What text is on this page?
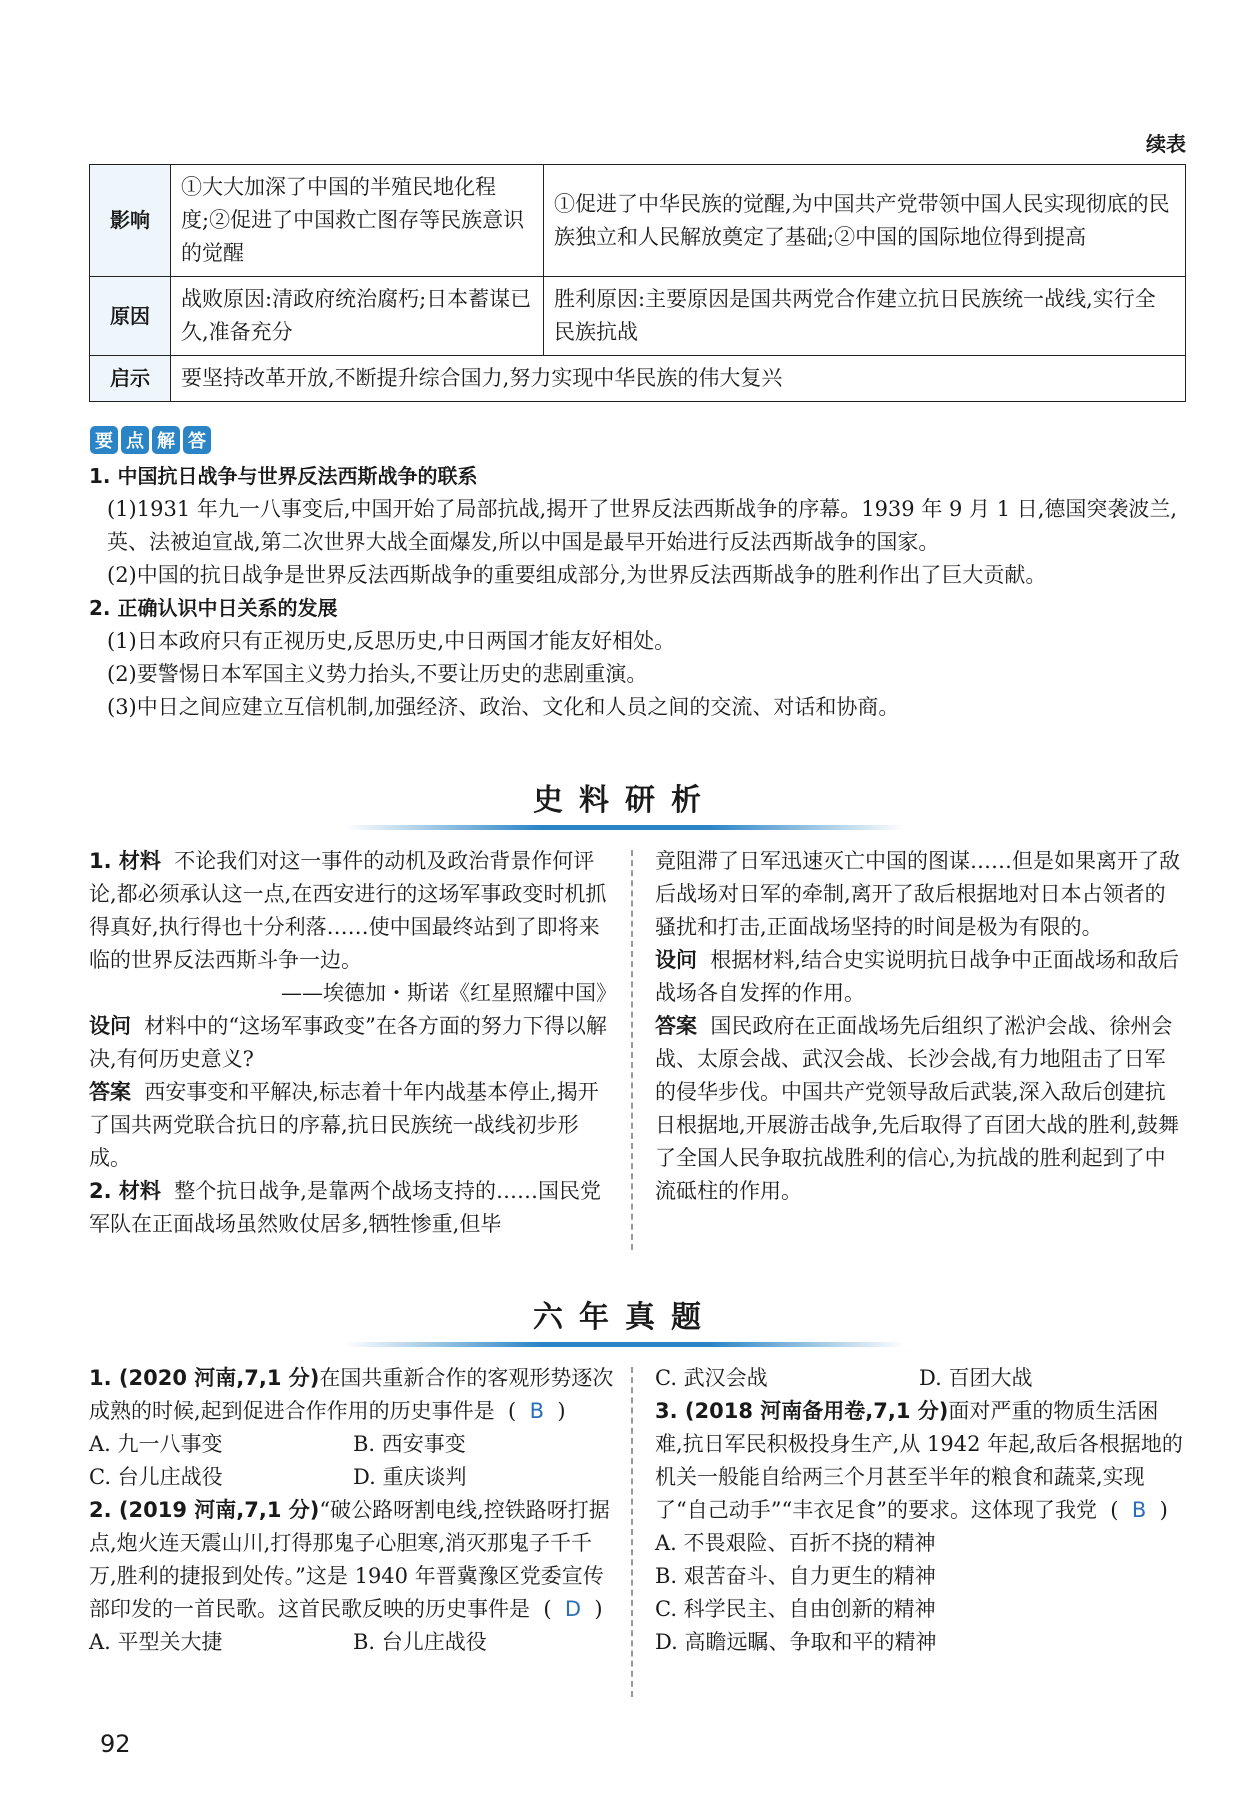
续表
影响	①大大加深了中国的半殖民地化程度;②促进了中国救亡图存等民族意识的觉醒	①促进了中华民族的觉醒,为中国共产党带领中国人民实现彻底的民族独立和人民解放奠定了基础;②中国的国际地位得到提高
原因	战败原因:清政府统治腐朽;日本蓄谋已久,准备充分	胜利原因:主要原因是国共两党合作建立抗日民族统一战线,实行全民族抗战
启示	要坚持改革开放,不断提升综合国力,努力实现中华民族的伟大复兴	
要 点 解 答

1. 中国抗日战争与世界反法西斯战争的联系

(1)1931 年九一八事变后,中国开始了局部抗战,揭开了世界反法西斯战争的序幕。1939 年 9 月 1 日,德国突袭波兰,英、法被迫宣战,第二次世界大战全面爆发,所以中国是最早开始进行反法西斯战争的国家。

(2)中国的抗日战争是世界反法西斯战争的重要组成部分,为世界反法西斯战争的胜利作出了巨大贡献。

2. 正确认识中日关系的发展

(1)日本政府只有正视历史,反思历史,中日两国才能友好相处。

(2)要警惕日本军国主义势力抬头,不要让历史的悲剧重演。

(3)中日之间应建立互信机制,加强经济、政治、文化和人员之间的交流、对话和协商。

史料研析

1. 材料 不论我们对这一事件的动机及政治背景作何评论,都必须承认这一点,在西安进行的这场军事政变时机抓得真好,执行得也十分利落……使中国最终站到了即将来临的世界反法西斯斗争一边。

——埃德加・斯诺《红星照耀中国》

设问 材料中的“这场军事政变”在各方面的努力下得以解决,有何历史意义?

答案 西安事变和平解决,标志着十年内战基本停止,揭开了国共两党联合抗日的序幕,抗日民族统一战线初步形成。

2. 材料 整个抗日战争,是靠两个战场支持的……国民党军队在正面战场虽然败仗居多,牺牲惨重,但毕

竟阻滞了日军迅速灭亡中国的图谋……但是如果离开了敌后战场对日军的牵制,离开了敌后根据地对日本占领者的骚扰和打击,正面战场坚持的时间是极为有限的。

设问 根据材料,结合史实说明抗日战争中正面战场和敌后战场各自发挥的作用。

答案 国民政府在正面战场先后组织了淞沪会战、徐州会战、太原会战、武汉会战、长沙会战,有力地阻击了日军的侵华步伐。中国共产党领导敌后武装,深入敌后创建抗日根据地,开展游击战争,先后取得了百团大战的胜利,鼓舞了全国人民争取抗战胜利的信心,为抗战的胜利起到了中流砥柱的作用。

六年真题

1. (2020 河南,7,1 分)在国共重新合作的客观形势逐次成熟的时候,起到促进合作作用的历史事件是  (  B  )

A. 九一八事变	B. 西安事变
C. 台儿庄战役	D. 重庆谈判

2. (2019 河南,7,1 分)“破公路呀割电线,控铁路呀打据点,炮火连天震山川,打得那鬼子心胆寒,消灭那鬼子千千万,胜利的捷报到处传。”这是 1940 年晋冀豫区党委宣传部印发的一首民歌。这首民歌反映的历史事件是  (  D  )

A. 平型关大捷	B. 台儿庄战役
C. 武汉会战	D. 百团大战

3. (2018 河南备用卷,7,1 分)面对严重的物质生活困难,抗日军民积极投身生产,从 1942 年起,敌后各根据地的机关一般能自给两三个月甚至半年的粮食和蔬菜,实现了“自己动手”“丰衣足食”的要求。这体现了我党  (  B  )

A. 不畏艰险、百折不挠的精神

B. 艰苦奋斗、自力更生的精神

C. 科学民主、自由创新的精神

D. 高瞻远瞩、争取和平的精神

92
